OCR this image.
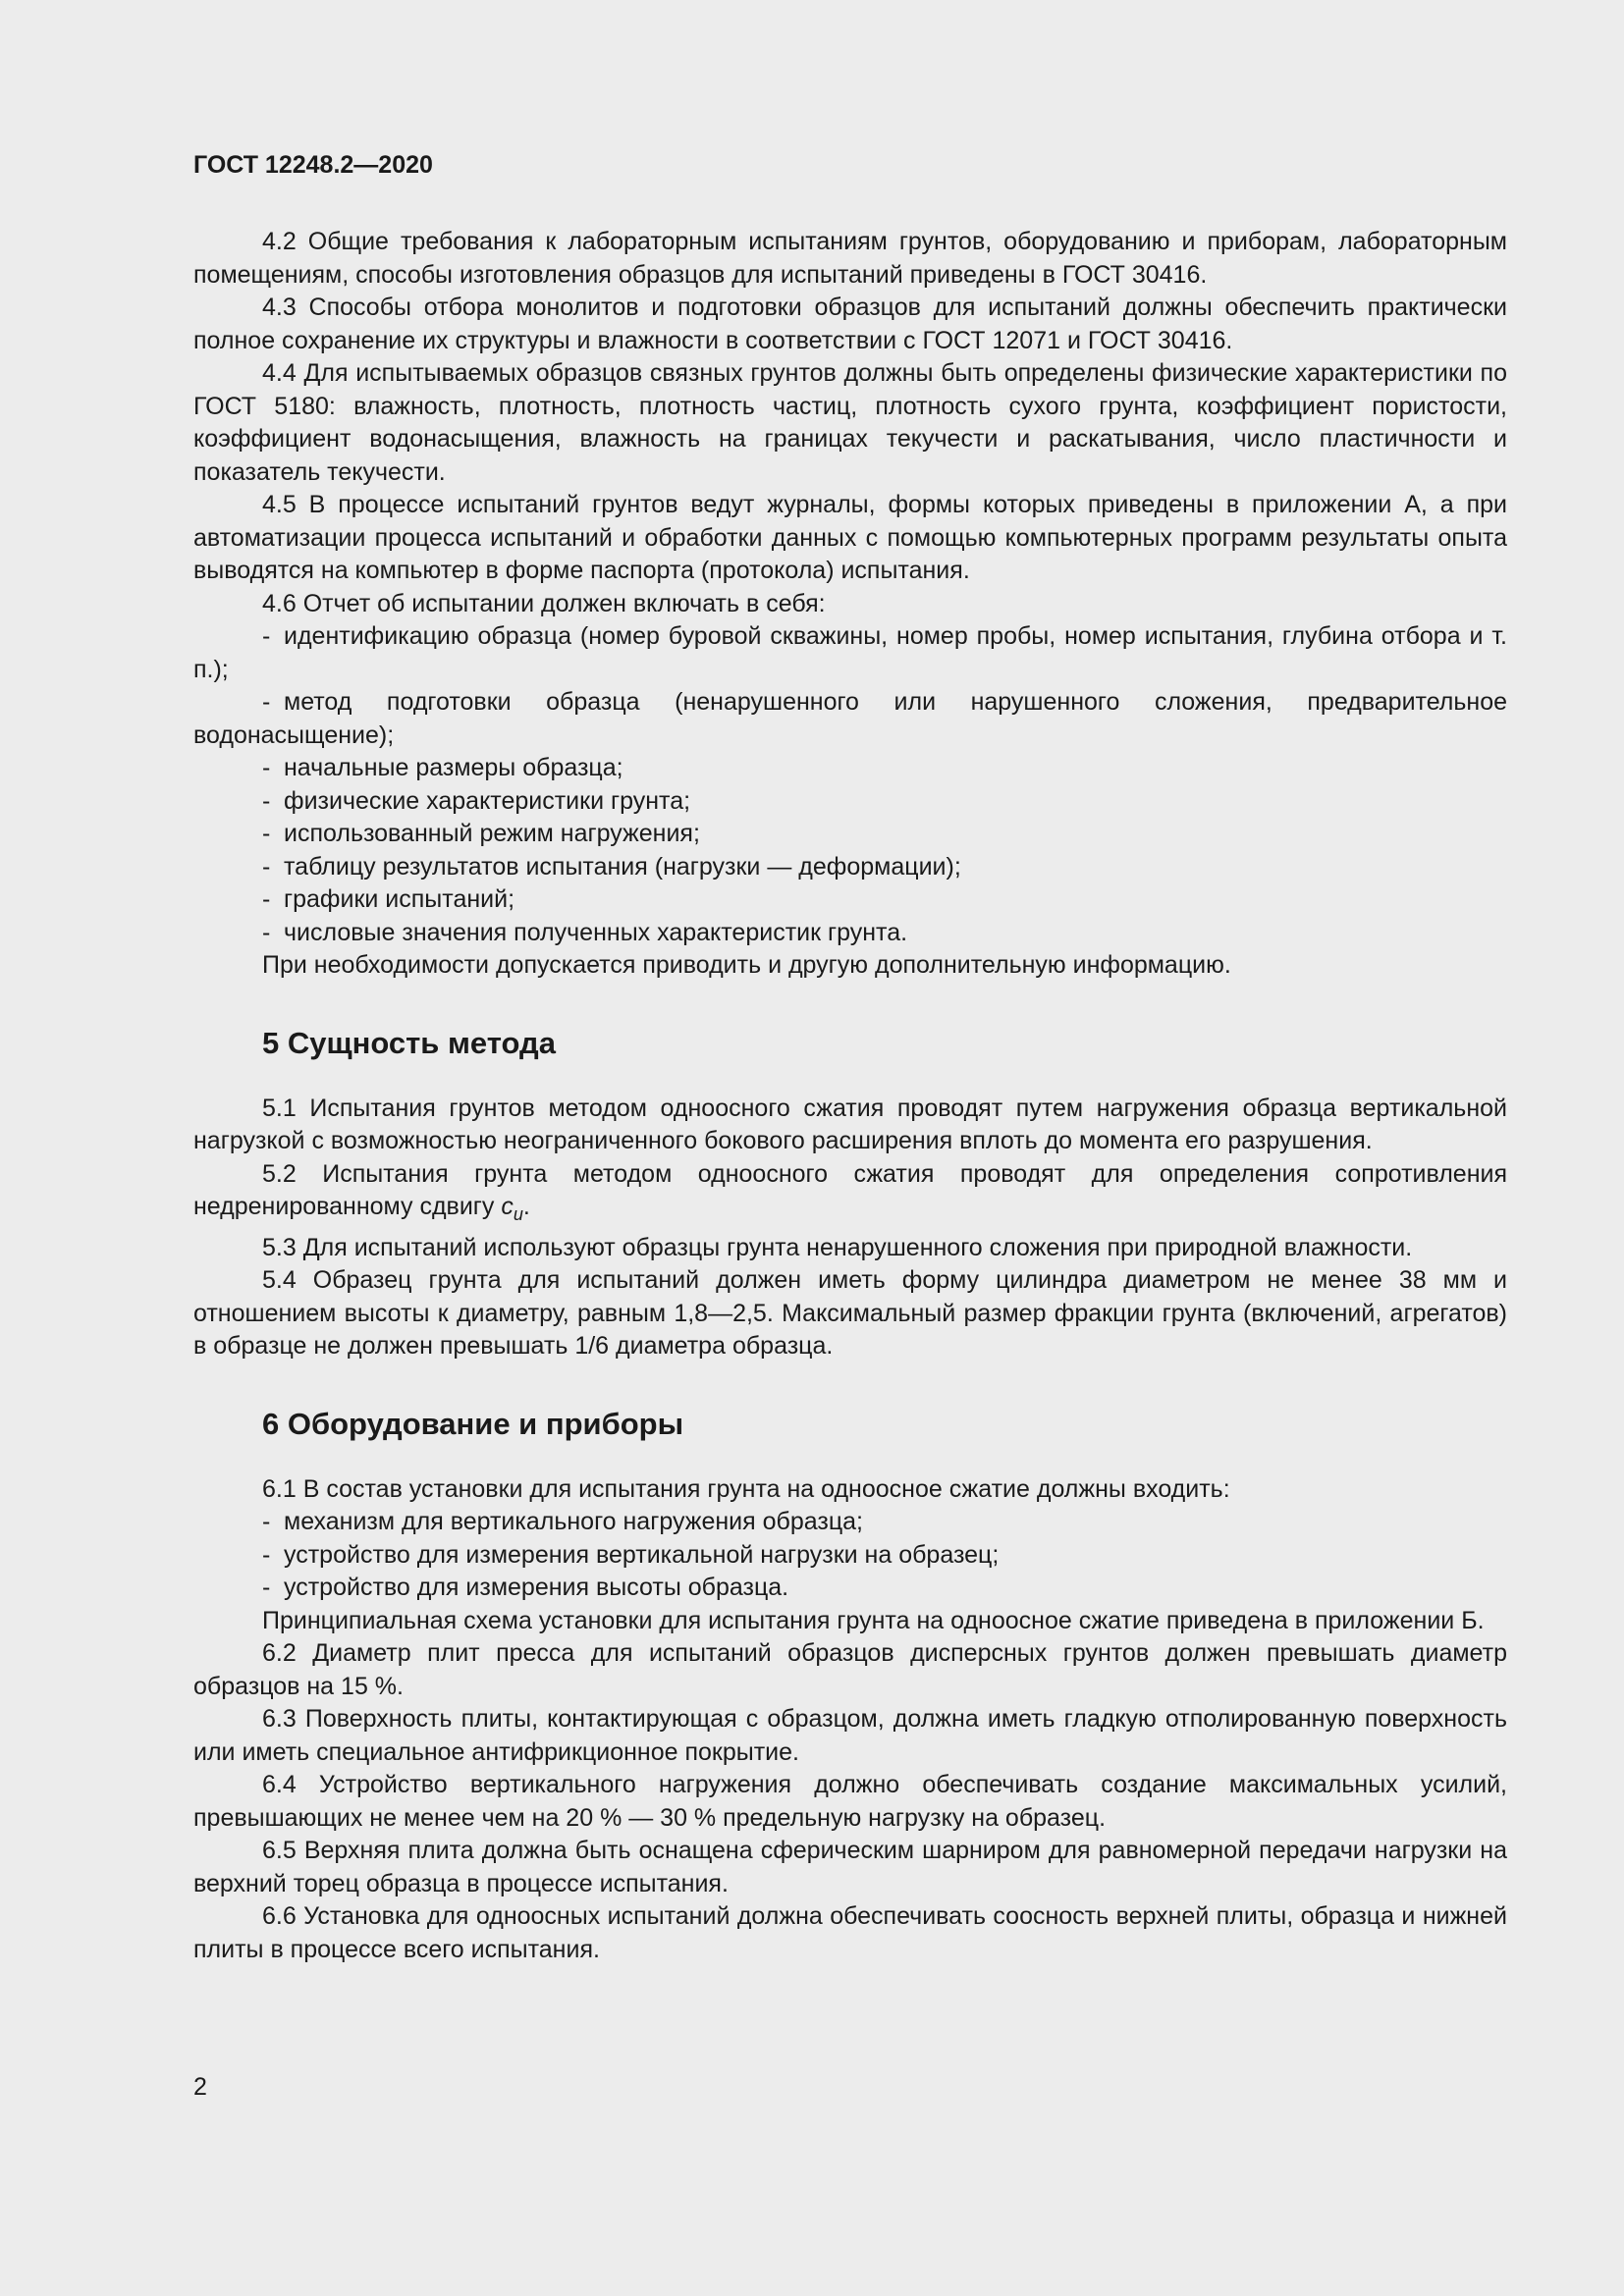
ГОСТ 12248.2—2020

4.2 Общие требования к лабораторным испытаниям грунтов, оборудованию и приборам, лабораторным помещениям, способы изготовления образцов для испытаний приведены в ГОСТ 30416.

4.3 Способы отбора монолитов и подготовки образцов для испытаний должны обеспечить практически полное сохранение их структуры и влажности в соответствии с ГОСТ 12071 и ГОСТ 30416.

4.4 Для испытываемых образцов связных грунтов должны быть определены физические характеристики по ГОСТ 5180: влажность, плотность, плотность частиц, плотность сухого грунта, коэффициент пористости, коэффициент водонасыщения, влажность на границах текучести и раскатывания, число пластичности и показатель текучести.

4.5 В процессе испытаний грунтов ведут журналы, формы которых приведены в приложении А, а при автоматизации процесса испытаний и обработки данных с помощью компьютерных программ результаты опыта выводятся на компьютер в форме паспорта (протокола) испытания.

4.6 Отчет об испытании должен включать в себя:

- идентификацию образца (номер буровой скважины, номер пробы, номер испытания, глубина отбора и т. п.);

- метод подготовки образца (ненарушенного или нарушенного сложения, предварительное водонасыщение);

- начальные размеры образца;

- физические характеристики грунта;

- использованный режим нагружения;

- таблицу результатов испытания (нагрузки — деформации);

- графики испытаний;

- числовые значения полученных характеристик грунта.

При необходимости допускается приводить и другую дополнительную информацию.

5 Сущность метода

5.1 Испытания грунтов методом одноосного сжатия проводят путем нагружения образца вертикальной нагрузкой с возможностью неограниченного бокового расширения вплоть до момента его разрушения.

5.2 Испытания грунта методом одноосного сжатия проводят для определения сопротивления недренированному сдвигу $c_u$.

5.3 Для испытаний используют образцы грунта ненарушенного сложения при природной влажности.

5.4 Образец грунта для испытаний должен иметь форму цилиндра диаметром не менее 38 мм и отношением высоты к диаметру, равным 1,8—2,5. Максимальный размер фракции грунта (включений, агрегатов) в образце не должен превышать 1/6 диаметра образца.

6 Оборудование и приборы

6.1 В состав установки для испытания грунта на одноосное сжатие должны входить:

- механизм для вертикального нагружения образца;

- устройство для измерения вертикальной нагрузки на образец;

- устройство для измерения высоты образца.

Принципиальная схема установки для испытания грунта на одноосное сжатие приведена в приложении Б.

6.2 Диаметр плит пресса для испытаний образцов дисперсных грунтов должен превышать диаметр образцов на 15 %.

6.3 Поверхность плиты, контактирующая с образцом, должна иметь гладкую отполированную поверхность или иметь специальное антифрикционное покрытие.

6.4 Устройство вертикального нагружения должно обеспечивать создание максимальных усилий, превышающих не менее чем на 20 % — 30 % предельную нагрузку на образец.

6.5 Верхняя плита должна быть оснащена сферическим шарниром для равномерной передачи нагрузки на верхний торец образца в процессе испытания.

6.6 Установка для одноосных испытаний должна обеспечивать соосность верхней плиты, образца и нижней плиты в процессе всего испытания.

2
